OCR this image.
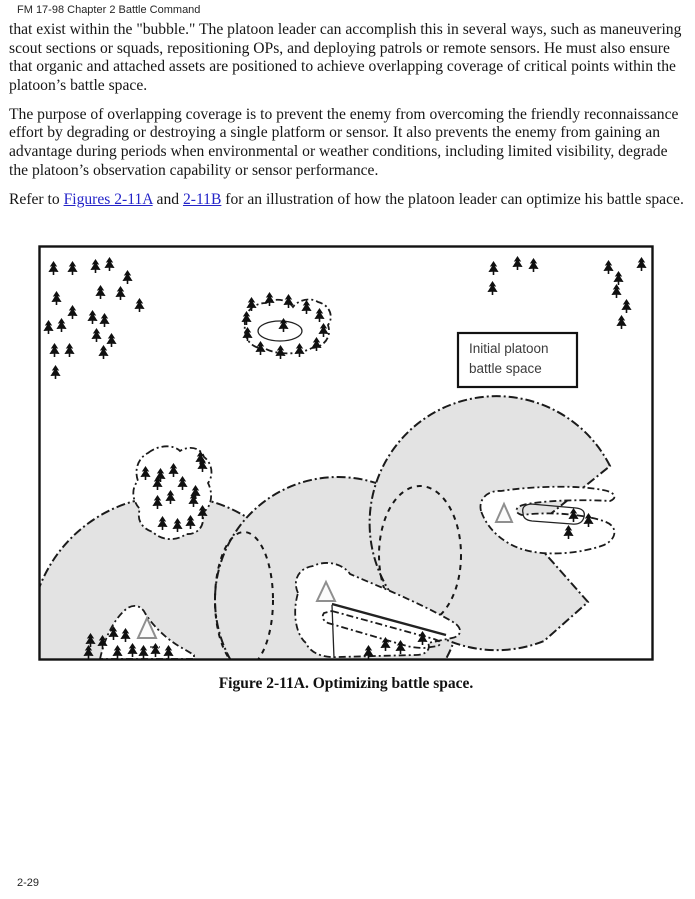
FM 17-98 Chapter 2 Battle Command

that exist within the "bubble." The platoon leader can accomplish this in several ways, such as maneuvering scout sections or squads, repositioning OPs, and deploying patrols or remote sensors. He must also ensure that organic and attached assets are positioned to achieve overlapping coverage of critical points within the platoon’s battle space.

The purpose of overlapping coverage is to prevent the enemy from overcoming the friendly reconnaissance effort by degrading or destroying a single platform or sensor. It also prevents the enemy from gaining an advantage during periods when environmental or weather conditions, including limited visibility, degrade the platoon’s observation capability or sensor performance.

Refer to Figures 2-11A and 2-11B for an illustration of how the platoon leader can optimize his battle space.

Initial platoon
battle space
Figure 2-11A. Optimizing battle space.
2-29
